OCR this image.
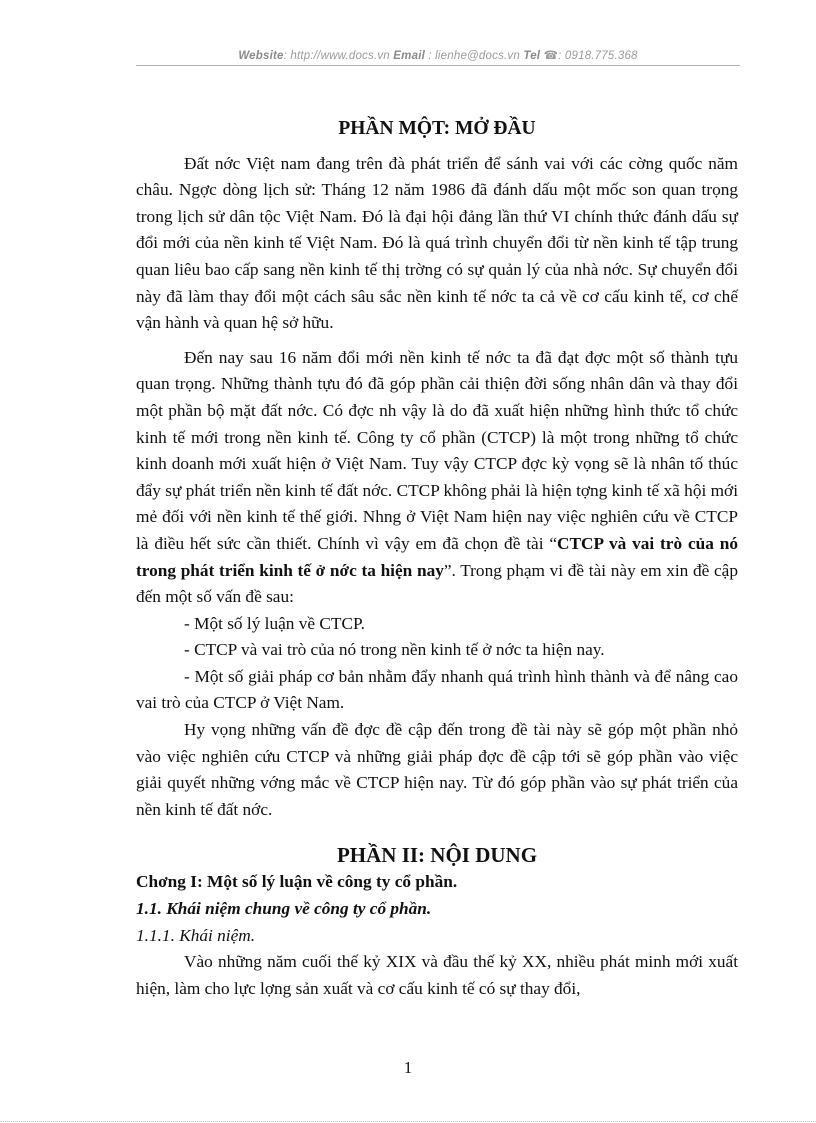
Website: http://www.docs.vn Email : lienhe@docs.vn Tel ☎: 0918.775.368
PHẦN MỘT: MỞ ĐẦU

Đất nớc Việt nam đang trên đà phát triển để sánh vai với các cờng quốc năm châu. Ngợc dòng lịch sử: Tháng 12 năm 1986 đã đánh dấu một mốc son quan trọng trong lịch sử dân tộc Việt Nam. Đó là đại hội đảng lần thứ VI chính thức đánh dấu sự đổi mới của nền kinh tế Việt Nam. Đó là quá trình chuyển đổi từ nền kinh tế tập trung quan liêu bao cấp sang nền kinh tế thị trờng có sự quản lý của nhà nớc. Sự chuyển đổi này đã làm thay đổi một cách sâu sắc nền kinh tế nớc ta cả về cơ cấu kinh tế, cơ chế vận hành và quan hệ sở hữu.

Đến nay sau 16 năm đổi mới nền kinh tế nớc ta đã đạt đợc một số thành tựu quan trọng. Những thành tựu đó đã góp phần cải thiện đời sống nhân dân và thay đổi một phần bộ mặt đất nớc. Có đợc nh vậy là do đã xuất hiện những hình thức tổ chức kinh tế mới trong nền kinh tế. Công ty cổ phần (CTCP) là một trong những tổ chức kinh doanh mới xuất hiện ở Việt Nam. Tuy vậy CTCP đợc kỳ vọng sẽ là nhân tố thúc đẩy sự phát triển nền kinh tế đất nớc. CTCP không phải là hiện tợng kinh tế xã hội mới mẻ đối với nền kinh tế thế giới. Nhng ở Việt Nam hiện nay việc nghiên cứu về CTCP là điều hết sức cần thiết. Chính vì vậy em đã chọn đề tài “CTCP và vai trò của nó trong phát triển kinh tế ở nớc ta hiện nay”. Trong phạm vi đề tài này em xin đề cập đến một số vấn đề sau:

- Một số lý luận về CTCP.

- CTCP và vai trò của nó trong nền kinh tế ở nớc ta hiện nay.

- Một số giải pháp cơ bản nhằm đẩy nhanh quá trình hình thành và để nâng cao vai trò của CTCP ở Việt Nam.

Hy vọng những vấn đề đợc đề cập đến trong đề tài này sẽ góp một phần nhỏ vào việc nghiên cứu CTCP và những giải pháp đợc đề cập tới sẽ góp phần vào việc giải quyết những vớng mắc về CTCP hiện nay. Từ đó góp phần vào sự phát triển của nền kinh tế đất nớc.

PHẦN II: NỘI DUNG

Chơng I: Một số lý luận về công ty cổ phần.

1.1. Khái niệm chung về công ty cổ phần.

1.1.1. Khái niệm.

Vào những năm cuối thế kỷ XIX và đầu thế kỷ XX, nhiều phát minh mới xuất hiện, làm cho lực lợng sản xuất và cơ cấu kinh tế có sự thay đổi,

1
